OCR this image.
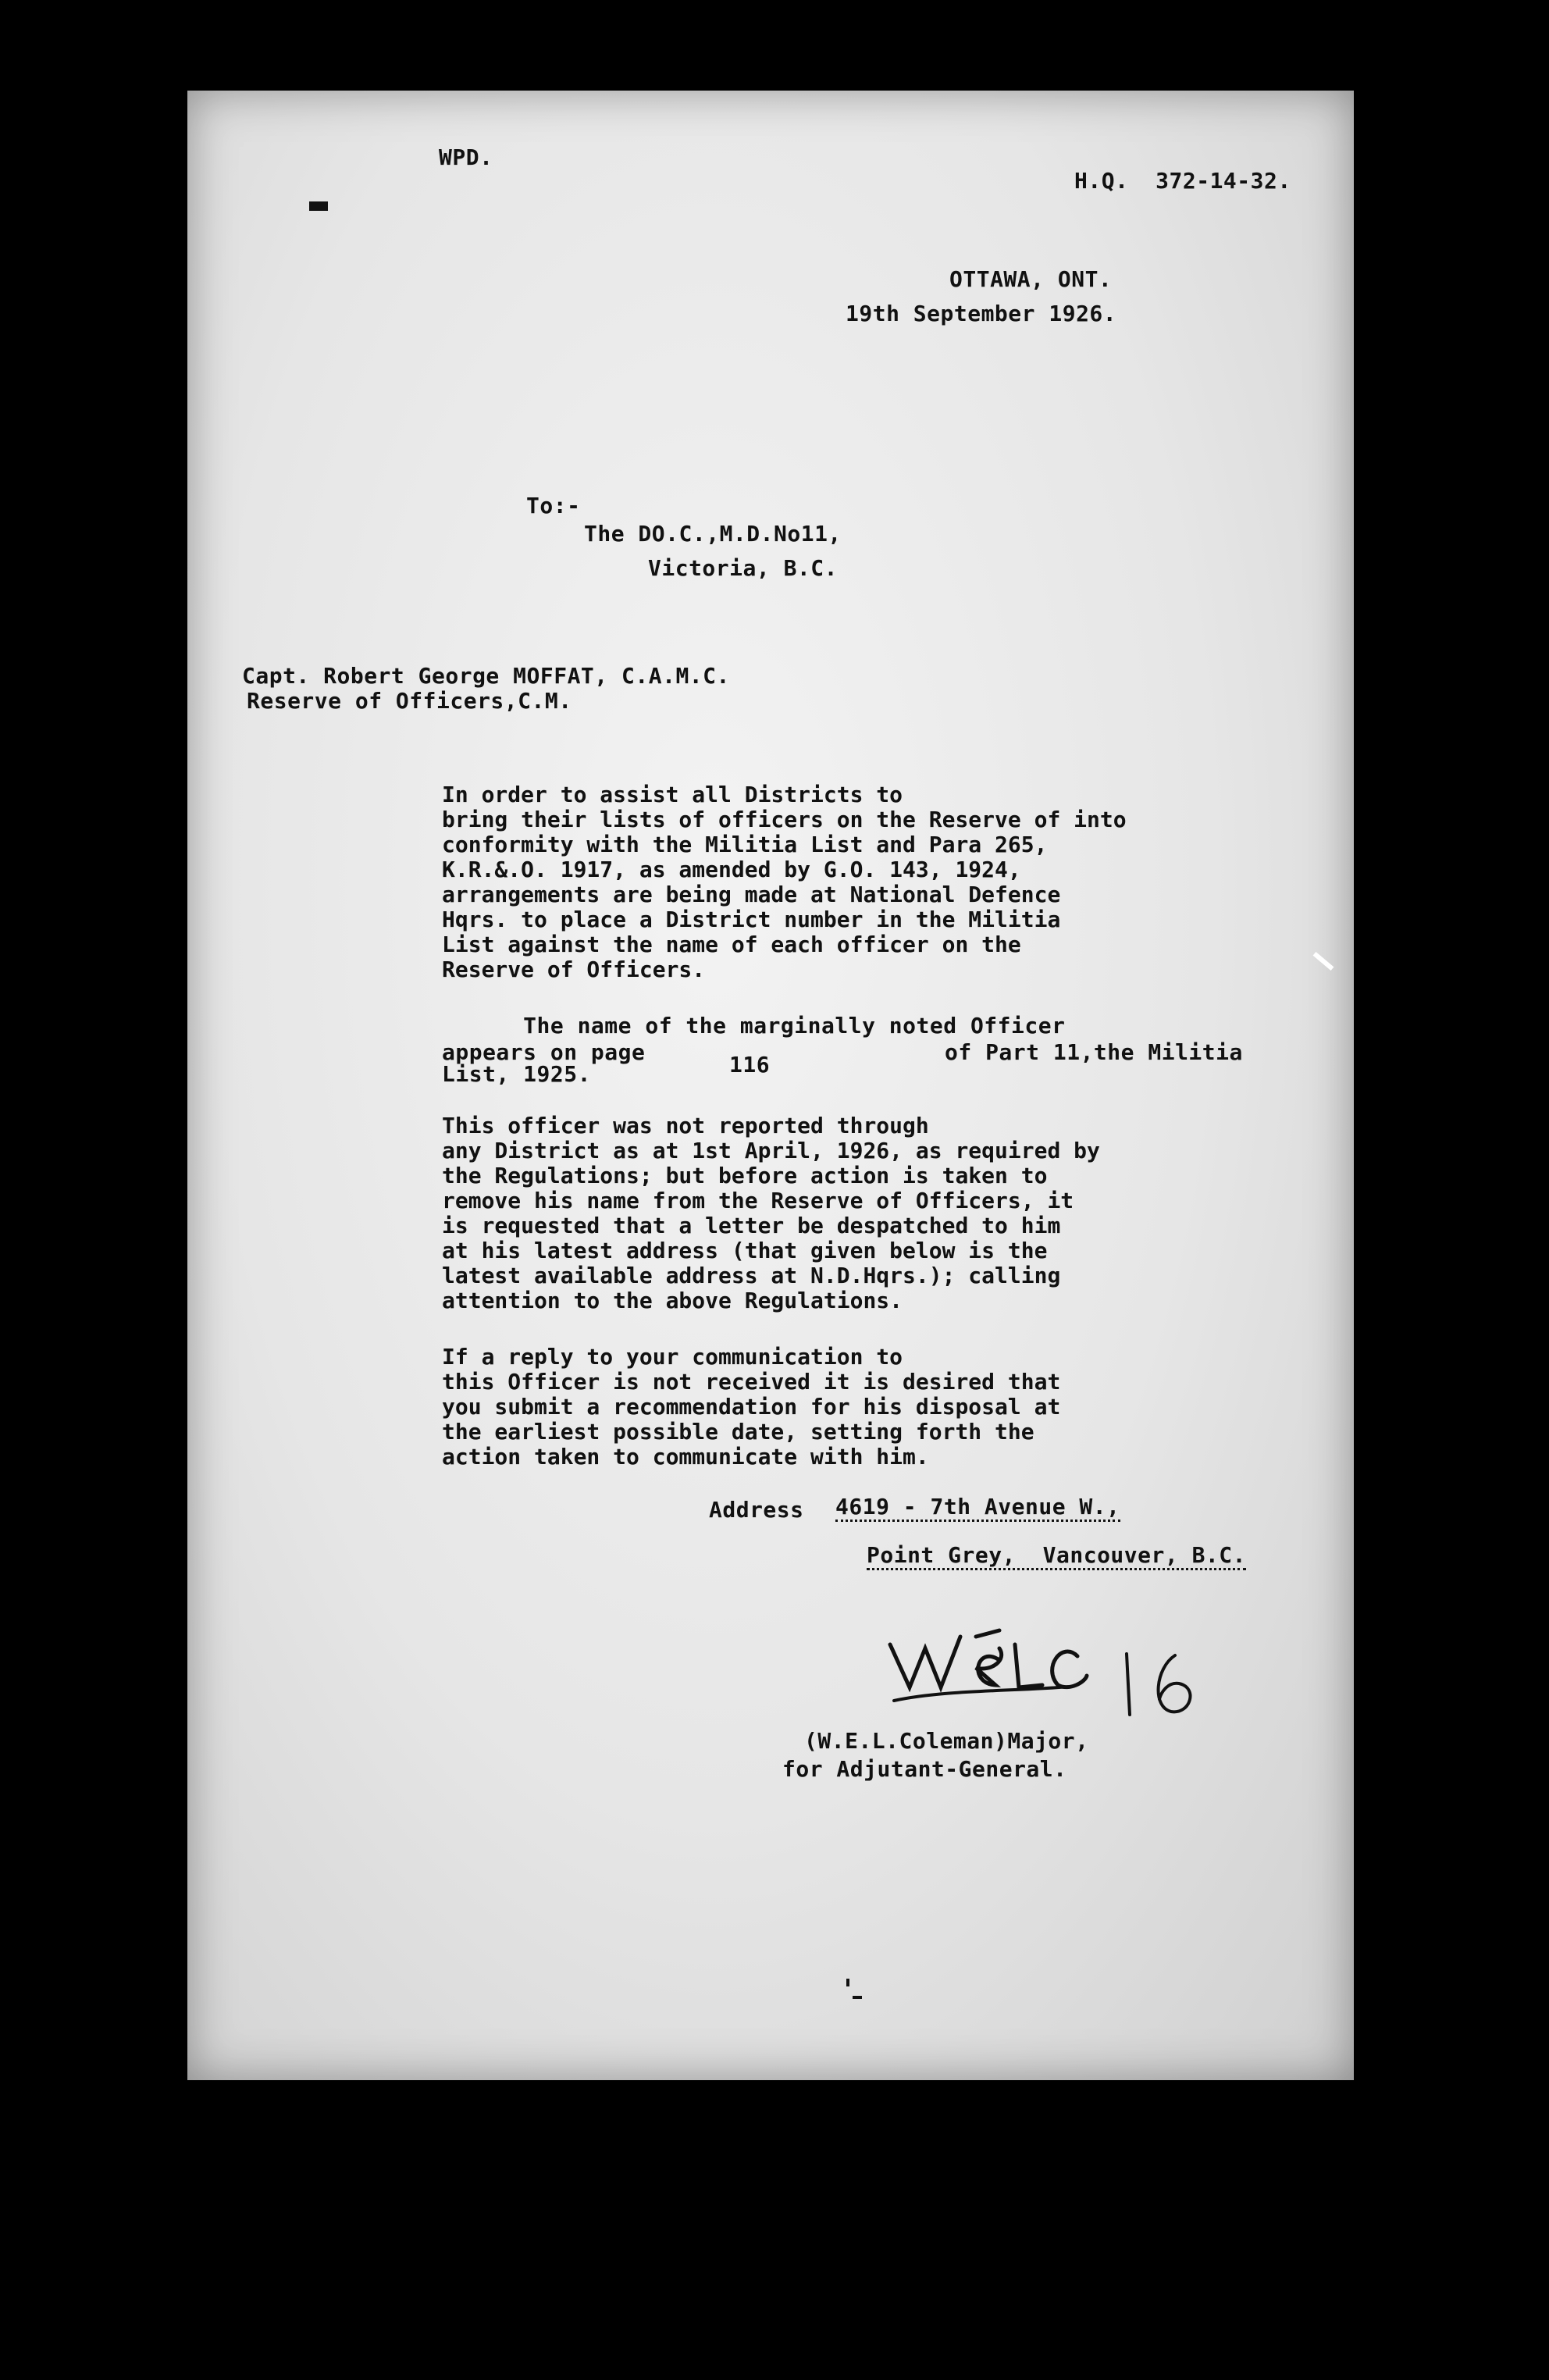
WPD.
H.Q.  372-14-32.
OTTAWA, ONT.
19th September 1926.
To:-
The DO.C.,M.D.No11,
Victoria, B.C.
Capt. Robert George MOFFAT, C.A.M.C.
Reserve of Officers,C.M.
In order to assist all Districts to
bring their lists of officers on the Reserve of into
conformity with the Militia List and Para 265,
K.R.&.O. 1917, as amended by G.O. 143, 1924,
arrangements are being made at National Defence
Hqrs. to place a District number in the Militia
List against the name of each officer on the
Reserve of Officers.
The name of the marginally noted Officer
appears on page	116	of Part 11,the Militia
List, 1925.
This officer was not reported through
any District as at 1st April, 1926, as required by
the Regulations; but before action is taken to
remove his name from the Reserve of Officers, it
is requested that a letter be despatched to him
at his latest address (that given below is the
latest available address at N.D.Hqrs.); calling
attention to the above Regulations.
If a reply to your communication to
this Officer is not received it is desired that
you submit a recommendation for his disposal at
the earliest possible date, setting forth the
action taken to communicate with him.
Address 4619 - 7th Avenue W.,
Point Grey,  Vancouver, B.C.
(W.E.L.Coleman)Major,
for Adjutant-General.
